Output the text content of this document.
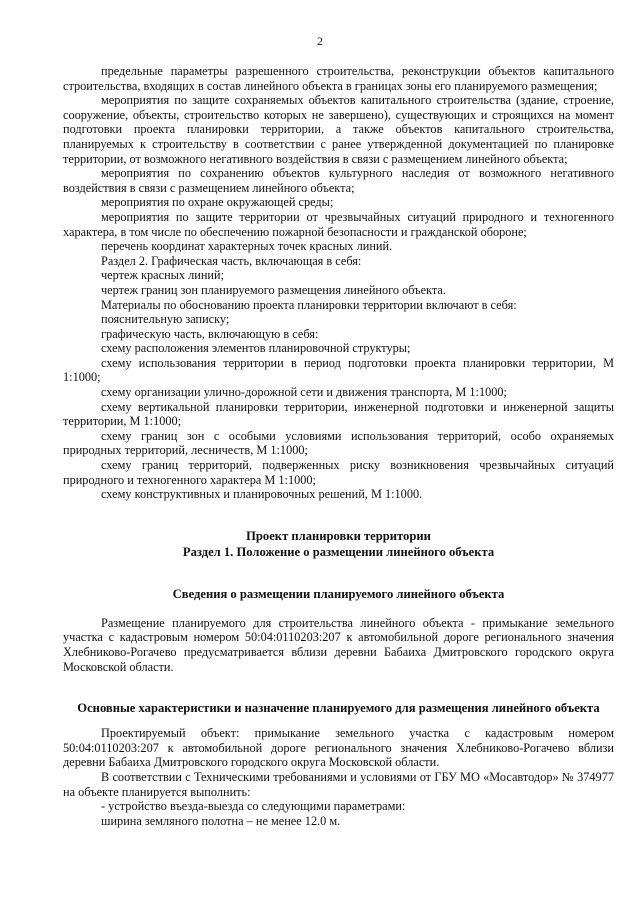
2

предельные параметры разрешенного строительства, реконструкции объектов капитального строительства, входящих в состав линейного объекта в границах зоны его планируемого размещения;

мероприятия по защите сохраняемых объектов капитального строительства (здание, строение, сооружение, объекты, строительство которых не завершено), существующих и строящихся на момент подготовки проекта планировки территории, а также объектов капитального строительства, планируемых к строительству в соответствии с ранее утвержденной документацией по планировке территории, от возможного негативного воздействия в связи с размещением линейного объекта;

мероприятия по сохранению объектов культурного наследия от возможного негативного воздействия в связи с размещением линейного объекта;

мероприятия по охране окружающей среды;

мероприятия по защите территории от чрезвычайных ситуаций природного и техногенного характера, в том числе по обеспечению пожарной безопасности и гражданской обороне;

перечень координат характерных точек красных линий.

Раздел 2. Графическая часть, включающая в себя:

чертеж красных линий;

чертеж границ зон планируемого размещения линейного объекта.

Материалы по обоснованию проекта планировки территории включают в себя:

пояснительную записку;

графическую часть, включающую в себя:

схему расположения элементов планировочной структуры;

схему использования территории в период подготовки проекта планировки территории, М 1:1000;

схему организации улично-дорожной сети и движения транспорта, М 1:1000;

схему вертикальной планировки территории, инженерной подготовки и инженерной защиты территории, М 1:1000;

схему границ зон с особыми условиями использования территорий, особо охраняемых природных территорий, лесничеств, М 1:1000;

схему границ территорий, подверженных риску возникновения чрезвычайных ситуаций природного и техногенного характера М 1:1000;

схему конструктивных и планировочных решений, М 1:1000.

Проект планировки территории

Раздел 1. Положение о размещении линейного объекта

Сведения о размещении планируемого линейного объекта

Размещение планируемого для строительства линейного объекта - примыкание земельного участка с кадастровым номером 50:04:0110203:207 к автомобильной дороге регионального значения Хлебниково-Рогачево предусматривается вблизи деревни Бабаиха Дмитровского городского округа Московской области.

Основные характеристики и назначение планируемого для размещения линейного объекта

Проектируемый объект: примыкание земельного участка с кадастровым номером 50:04:0110203:207 к автомобильной дороге регионального значения Хлебниково-Рогачево вблизи деревни Бабаиха Дмитровского городского округа Московской области.

В соответствии с Техническими требованиями и условиями от ГБУ МО «Мосавтодор» № 374977 на объекте планируется выполнить:

- устройство въезда-выезда со следующими параметрами:

ширина земляного полотна – не менее 12.0 м.
